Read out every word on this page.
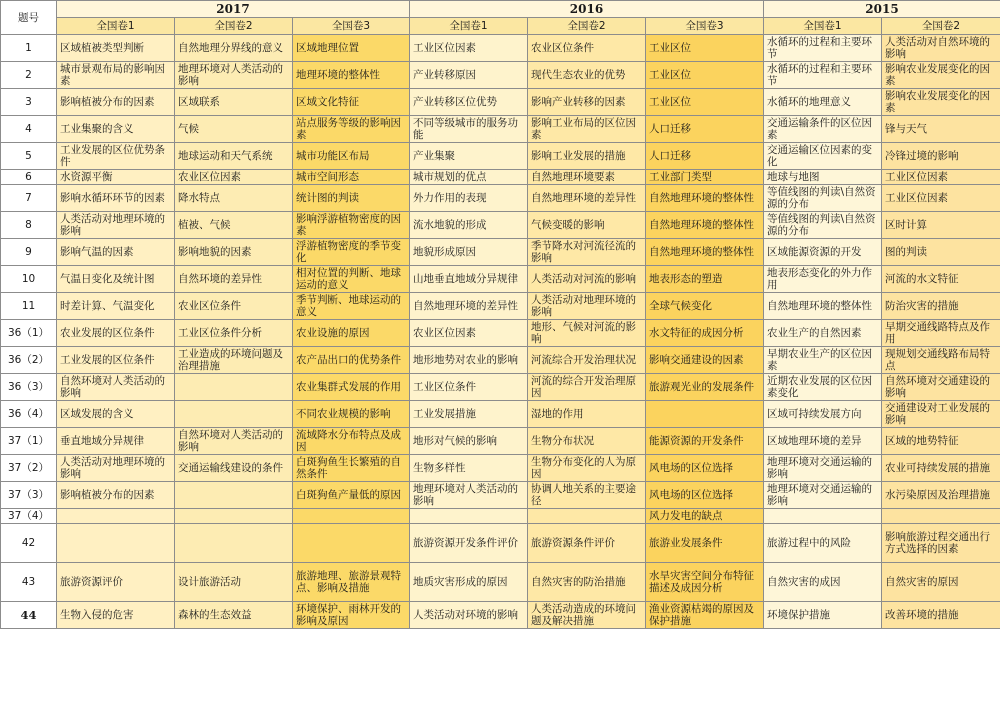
题号	2017			2016			2015	
	全国卷1	全国卷2	全国卷3	全国卷1	全国卷2	全国卷3	全国卷1	全国卷2
1	区域植被类型判断	自然地理分界线的意义	区域地理位置	工业区位因素	农业区位条件	工业区位	水循环的过程和主要环节	人类活动对自然环境的影响
2	城市景观布局的影响因素	地理环境对人类活动的影响	地理环境的整体性	产业转移原因	现代生态农业的优势	工业区位	水循环的过程和主要环节	影响农业发展变化的因素
3	影响植被分布的因素	区域联系	区域文化特征	产业转移区位优势	影响产业转移的因素	工业区位	水循环的地理意义	影响农业发展变化的因素
4	工业集聚的含义	气候	站点服务等级的影响因素	不同等级城市的服务功能	影响工业布局的区位因素	人口迁移	交通运输条件的区位因素	锋与天气
5	工业发展的区位优势条件	地球运动和天气系统	城市功能区布局	产业集聚	影响工业发展的措施	人口迁移	交通运输区位因素的变化	冷锋过境的影响
6	水资源平衡	农业区位因素	城市空间形态	城市规划的优点	自然地理环境要素	工业部门类型	地球与地图	工业区位因素
7	影响水循环环节的因素	降水特点	统计图的判读	外力作用的表现	自然地理环境的差异性	自然地理环境的整体性	等值线图的判读\自然资源的分布	工业区位因素
8	人类活动对地理环境的影响	植被、气候	影响浮游植物密度的因素	流水地貌的形成	气候变暖的影响	自然地理环境的整体性	等值线图的判读\自然资源的分布	区时计算
9	影响气温的因素	影响地貌的因素	浮游植物密度的季节变化	地貌形成原因	季节降水对河流径流的影响	自然地理环境的整体性	区域能源资源的开发	图的判读
10	气温日变化及统计图	自然环境的差异性	相对位置的判断、地球运动的意义	山地垂直地域分异规律	人类活动对河流的影响	地表形态的塑造	地表形态变化的外力作用	河流的水文特征
11	时差计算、气温变化	农业区位条件	季节判断、地球运动的意义	自然地理环境的差异性	人类活动对地理环境的影响	全球气候变化	自然地理环境的整体性	防治灾害的措施
36（1）	农业发展的区位条件	工业区位条件分析	农业设施的原因	农业区位因素	地形、气候对河流的影响	水文特征的成因分析	农业生产的自然因素	早期交通线路特点及作用
36（2）	工业发展的区位条件	工业造成的环境问题及治理措施	农产品出口的优势条件	地形地势对农业的影响	河流综合开发治理状况	影响交通建设的因素	早期农业生产的区位因素	现规划交通线路布局特点
36（3）	自然环境对人类活动的影响		农业集群式发展的作用	工业区位条件	河流的综合开发治理原因	旅游观光业的发展条件	近期农业发展的区位因素变化	自然环境对交通建设的影响
36（4）	区域发展的含义		不同农业规模的影响	工业发展措施	湿地的作用		区域可持续发展方向	交通建设对工业发展的影响
37（1）	垂直地域分异规律	自然环境对人类活动的影响	流域降水分布特点及成因	地形对气候的影响	生物分布状况	能源资源的开发条件	区域地理环境的差异	区域的地势特征
37（2）	人类活动对地理环境的影响	交通运输线建设的条件	白斑狗鱼生长繁殖的自然条件	生物多样性	生物分布变化的人为原因	风电场的区位选择	地理环境对交通运输的影响	农业可持续发展的措施
37（3）	影响植被分布的因素		白斑狗鱼产量低的原因	地理环境对人类活动的影响	协调人地关系的主要途径	风电场的区位选择	地理环境对交通运输的影响	水污染原因及治理措施
37（4）						风力发电的缺点		
42				旅游资源开发条件评价	旅游资源条件评价	旅游业发展条件	旅游过程中的风险	影响旅游过程交通出行方式选择的因素
43	旅游资源评价	设计旅游活动	旅游地理、旅游景观特点、影响及措施	地质灾害形成的原因	自然灾害的防治措施	水旱灾害空间分布特征描述及成因分析	自然灾害的成因	自然灾害的原因
44	生物入侵的危害	森林的生态效益	环境保护、雨林开发的影响及原因	人类活动对环境的影响	人类活动造成的环境问题及解决措施	渔业资源枯竭的原因及保护措施	环境保护措施	改善环境的措施
